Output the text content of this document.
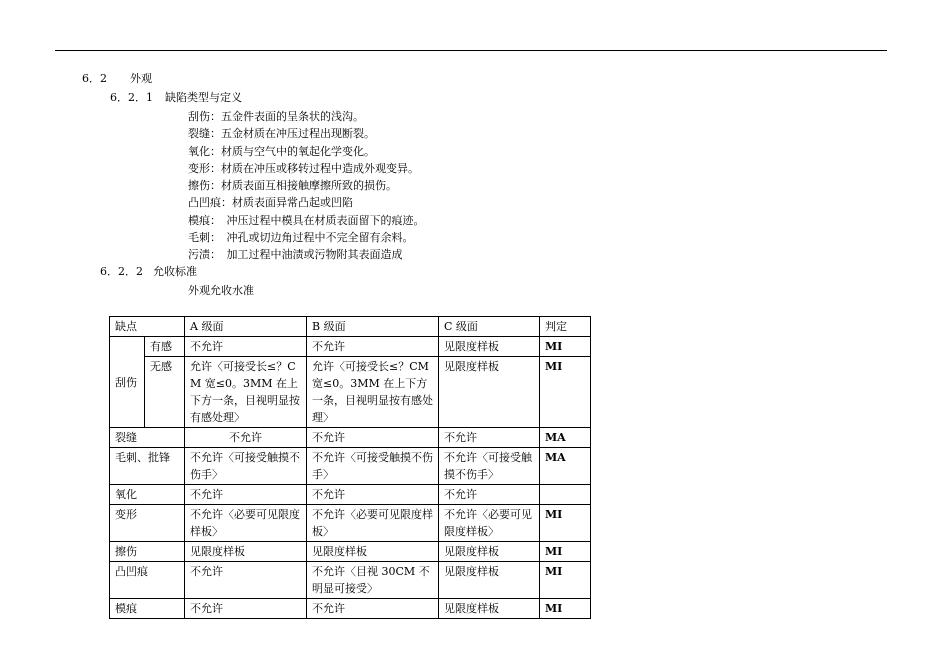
6．2 外观
6．2．1 缺陷类型与定义
刮伤：五金件表面的呈条状的浅沟。
裂缝：五金材质在冲压过程出现断裂。
氧化：材质与空气中的氧起化学变化。
变形：材质在冲压或移转过程中造成外观变异。
擦伤：材质表面互相接触摩擦所致的损伤。
凸凹痕：材质表面异常凸起或凹陷
模痕：　冲压过程中模具在材质表面留下的痕迹。
毛刺：　冲孔或切边角过程中不完全留有余料。
污渍：　加工过程中油渍或污物附其表面造成
6．2．2 允收标准
外观允收水准
缺点		A 级面	B 级面	C 级面	判定
刮伤	有感	不允许	不允许	见限度样板	MI
	无感	允许〈可接受长≤？CM 宽≤0。3MM 在上下方一条，目视明显按有感处理〉	允许〈可接受长≤？CM 宽≤0。3MM 在上下方一条，目视明显按有感处理〉	见限度样板	MI
裂缝		不允许	不允许	不允许	MA
毛刺、批锋		不允许〈可接受触摸不伤手〉	不允许〈可接受触摸不伤手〉	不允许〈可接受触摸不伤手〉	MA
氧化		不允许	不允许	不允许	
变形		不允许〈必要可见限度样板〉	不允许〈必要可见限度样板〉	不允许〈必要可见限度样板〉	MI
擦伤		见限度样板	见限度样板	见限度样板	MI
凸凹痕		不允许	不允许〈目视 30CM 不明显可接受〉	见限度样板	MI
模痕		不允许	不允许	见限度样板	MI
